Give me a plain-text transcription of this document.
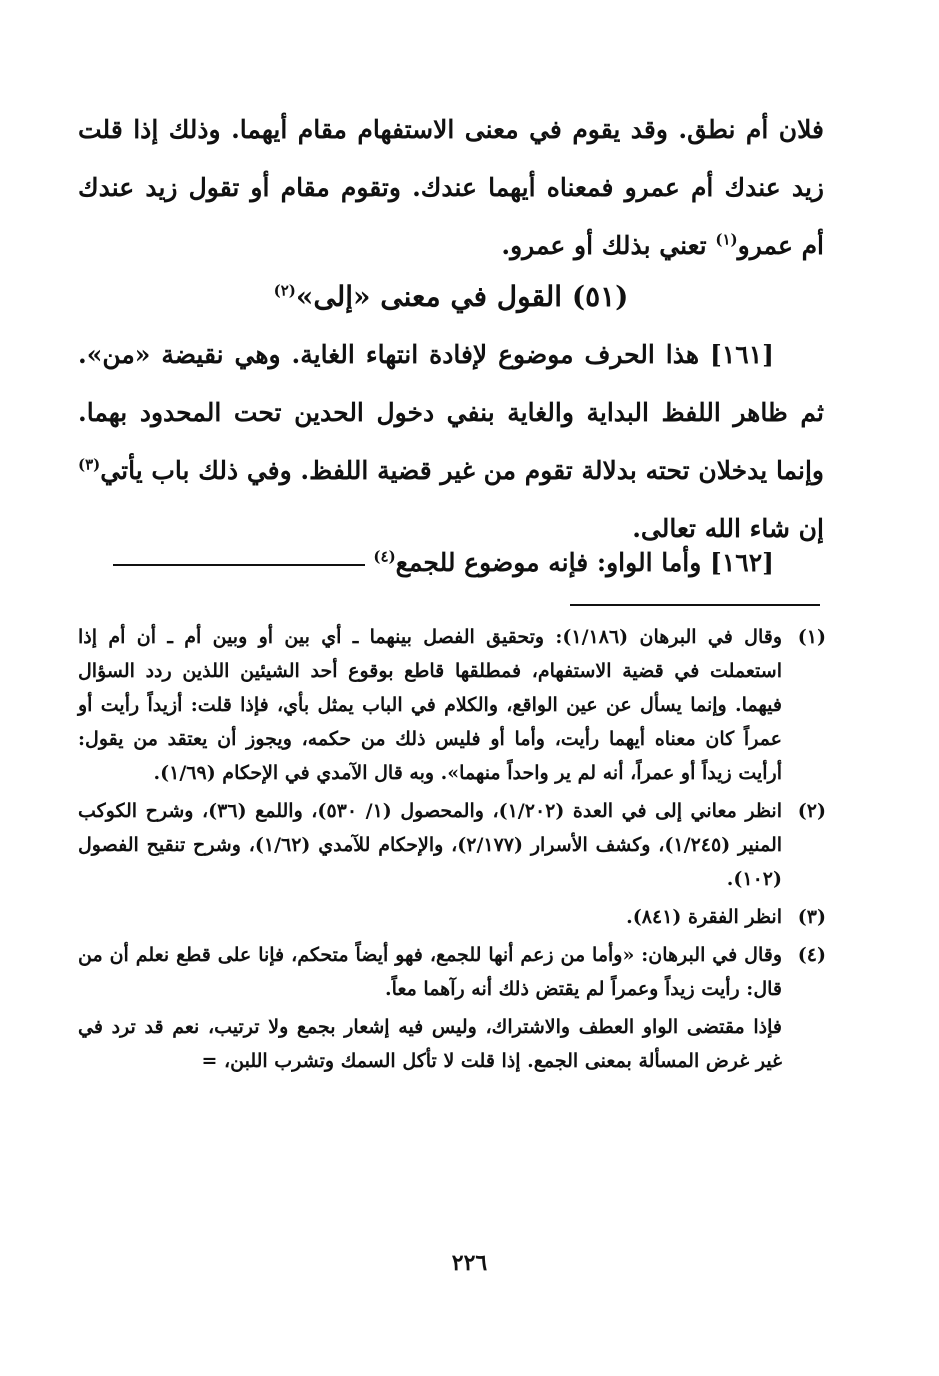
فلان أم نطق. وقد يقوم في معنى الاستفهام مقام أيهما. وذلك إذا قلت زيد عندك أم عمرو فمعناه أيهما عندك. وتقوم مقام أو تقول زيد عندك أم عمرو$^{(١)}$ تعني بذلك أو عمرو.

(٥١) القول في معنى «إلى»$^{(٢)}$

[١٦١] هذا الحرف موضوع لإفادة انتهاء الغاية. وهي نقيضة «من». ثم ظاهر اللفظ البداية والغاية بنفي دخول الحدين تحت المحدود بهما. وإنما يدخلان تحته بدلالة تقوم من غير قضية اللفظ. وفي ذلك باب يأتي$^{(٣)}$ إن شاء الله تعالى.

[١٦٢] وأما الواو: فإنه موضوع للجمع$^{(٤)}$

(١)
وقال في البرهان (١/١٨٦): وتحقيق الفصل بينهما ـ أي بين أو وبين أم ـ أن أم إذا استعملت في قضية الاستفهام، فمطلقها قاطع بوقوع أحد الشيئين اللذين ردد السؤال فيهما. وإنما يسأل عن عين الواقع، والكلام في الباب يمثل بأي، فإذا قلت: أزيداً رأيت أو عمراً كان معناه أيهما رأيت، وأما أو فليس ذلك من حكمه، ويجوز أن يعتقد من يقول: أرأيت زيداً أو عمراً، أنه لم ير واحداً منهما». وبه قال الآمدي في الإحكام (١/٦٩).
(٢)
انظر معاني إلى في العدة (١/٢٠٢)، والمحصول (١/ ٥٣٠)، واللمع (٣٦)، وشرح الكوكب المنير (١/٢٤٥)، وكشف الأسرار (٢/١٧٧)، والإحكام للآمدي (١/٦٢)، وشرح تنقيح الفصول (١٠٢).
(٣)
انظر الفقرة (٨٤١).
(٤)
وقال في البرهان: «وأما من زعم أنها للجمع، فهو أيضاً متحكم، فإنا على قطع نعلم أن من قال: رأيت زيداً وعمراً لم يقتض ذلك أنه رآهما معاً.
فإذا مقتضى الواو العطف والاشتراك، وليس فيه إشعار بجمع ولا ترتيب، نعم قد ترد في غير غرض المسألة بمعنى الجمع. إذا قلت لا تأكل السمك وتشرب اللبن، =
٢٢٦
